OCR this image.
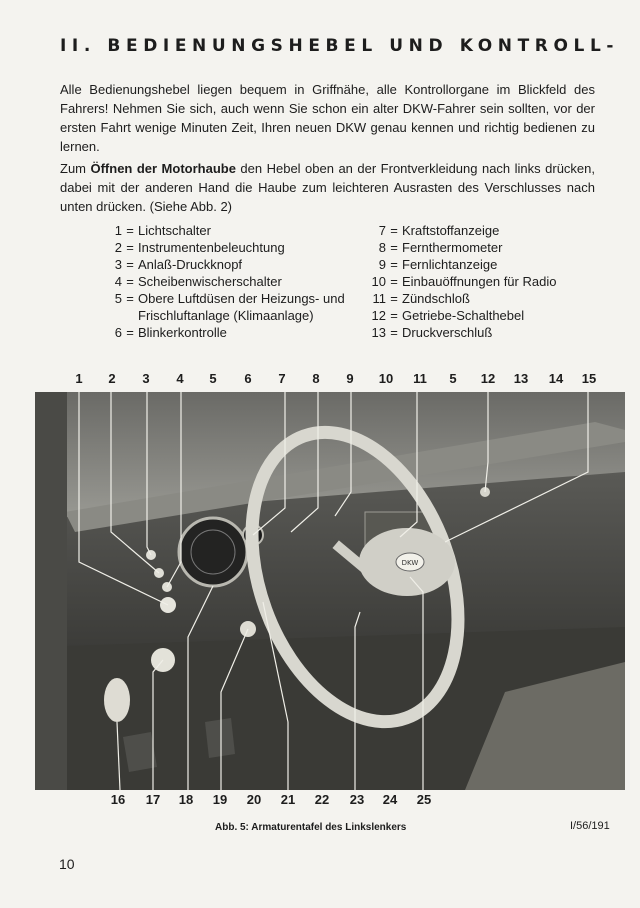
II. BEDIENUNGSHEBEL UND KONTROLL-

Alle Bedienungshebel liegen bequem in Griffnähe, alle Kontrollorgane im Blickfeld des Fahrers! Nehmen Sie sich, auch wenn Sie schon ein alter DKW-Fahrer sein sollten, vor der ersten Fahrt wenige Minuten Zeit, Ihren neuen DKW genau kennen und richtig bedienen zu lernen.

Zum Öffnen der Motorhaube den Hebel oben an der Frontverkleidung nach links drücken, dabei mit der anderen Hand die Haube zum leichteren Ausrasten des Verschlusses nach unten drücken. (Siehe Abb. 2)

1 = Lichtschalter
2 = Instrumentenbeleuchtung
3 = Anlaß-Druckknopf
4 = Scheibenwischerschalter
5 = Obere Luftdüsen der Heizungs- und Frischluftanlage (Klimaanlage)
6 = Blinkerkontrolle
7 = Kraftstoffanzeige
8 = Fernthermometer
9 = Fernlichtanzeige
10 = Einbauöffnungen für Radio
11 = Zündschloß
12 = Getriebe-Schalthebel
13 = Druckverschluß
1 2 3 4 5 6 7 8 9 10 11 5 12 13 14 15
DKW
16 17 18 19 20 21 22 23 24 25
Abb. 5: Armaturentafel des Linkslenkers	I/56/191
10
